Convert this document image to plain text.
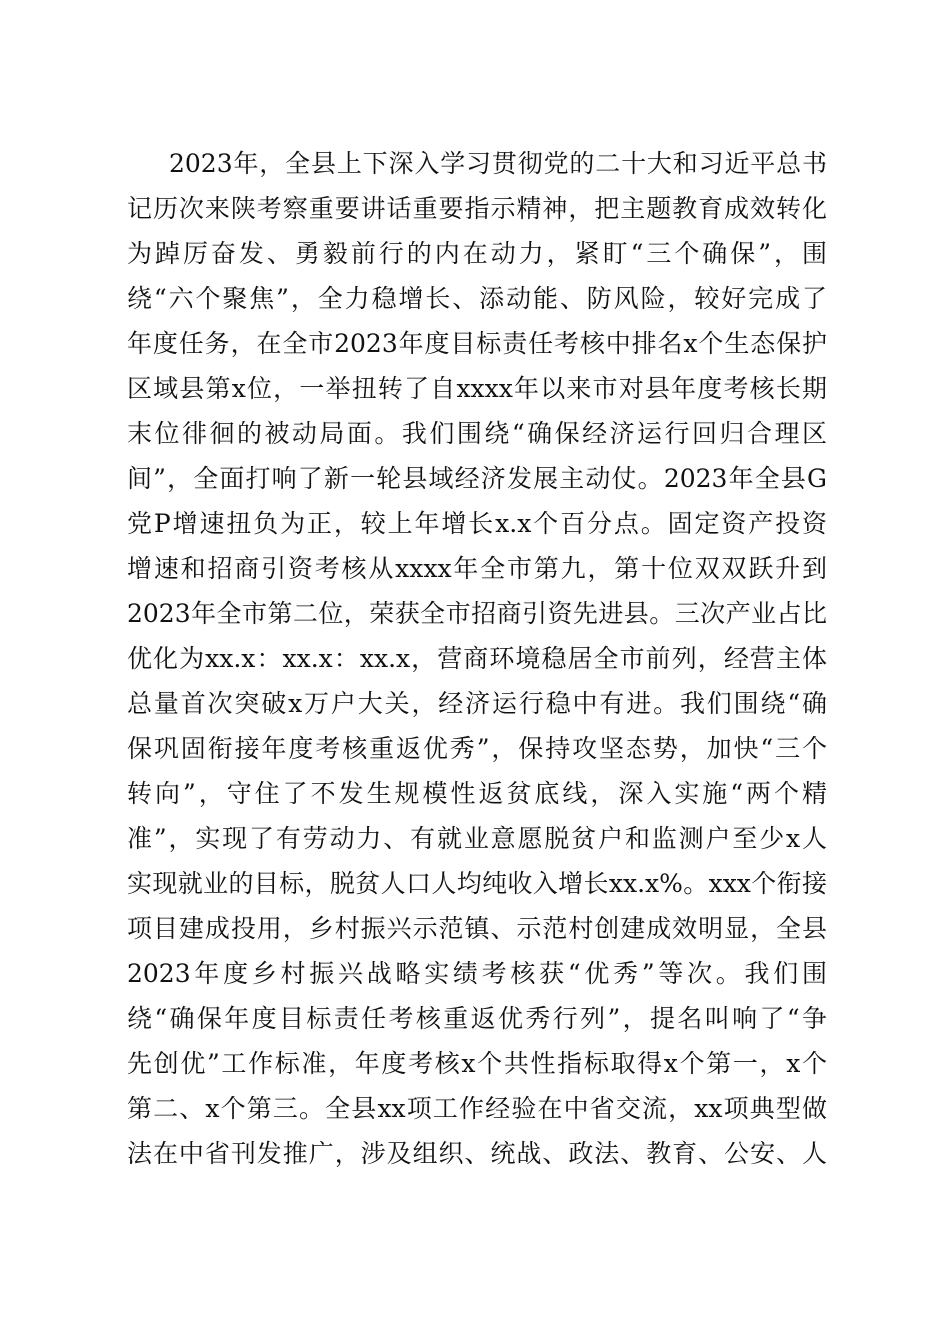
2023年，全县上下深入学习贯彻党的二十大和习近平总书
记历次来陕考察重要讲话重要指示精神，把主题教育成效转化
为踔厉奋发、勇毅前行的内在动力，紧盯“三个确保”，围
绕“六个聚焦”，全力稳增长、添动能、防风险，较好完成了
年度任务，在全市2023年度目标责任考核中排名x个生态保护
区域县第x位，一举扭转了自xxxx年以来市对县年度考核长期
末位徘徊的被动局面。我们围绕“确保经济运行回归合理区
间”，全面打响了新一轮县域经济发展主动仗。2023年全县G
党P增速扭负为正，较上年增长x.x个百分点。固定资产投资
增速和招商引资考核从xxxx年全市第九，第十位双双跃升到
2023年全市第二位，荣获全市招商引资先进县。三次产业占比
优化为xx.x：xx.x：xx.x，营商环境稳居全市前列，经营主体
总量首次突破x万户大关，经济运行稳中有进。我们围绕“确
保巩固衔接年度考核重返优秀”，保持攻坚态势，加快“三个
转向”，守住了不发生规模性返贫底线，深入实施“两个精
准”，实现了有劳动力、有就业意愿脱贫户和监测户至少x人
实现就业的目标，脱贫人口人均纯收入增长xx.x%。xxx个衔接
项目建成投用，乡村振兴示范镇、示范村创建成效明显，全县
2023年度乡村振兴战略实绩考核获“优秀”等次。我们围
绕“确保年度目标责任考核重返优秀行列”，提名叫响了“争
先创优”工作标准，年度考核x个共性指标取得x个第一，x个
第二、x个第三。全县xx项工作经验在中省交流，xx项典型做
法在中省刊发推广，涉及组织、统战、政法、教育、公安、人
